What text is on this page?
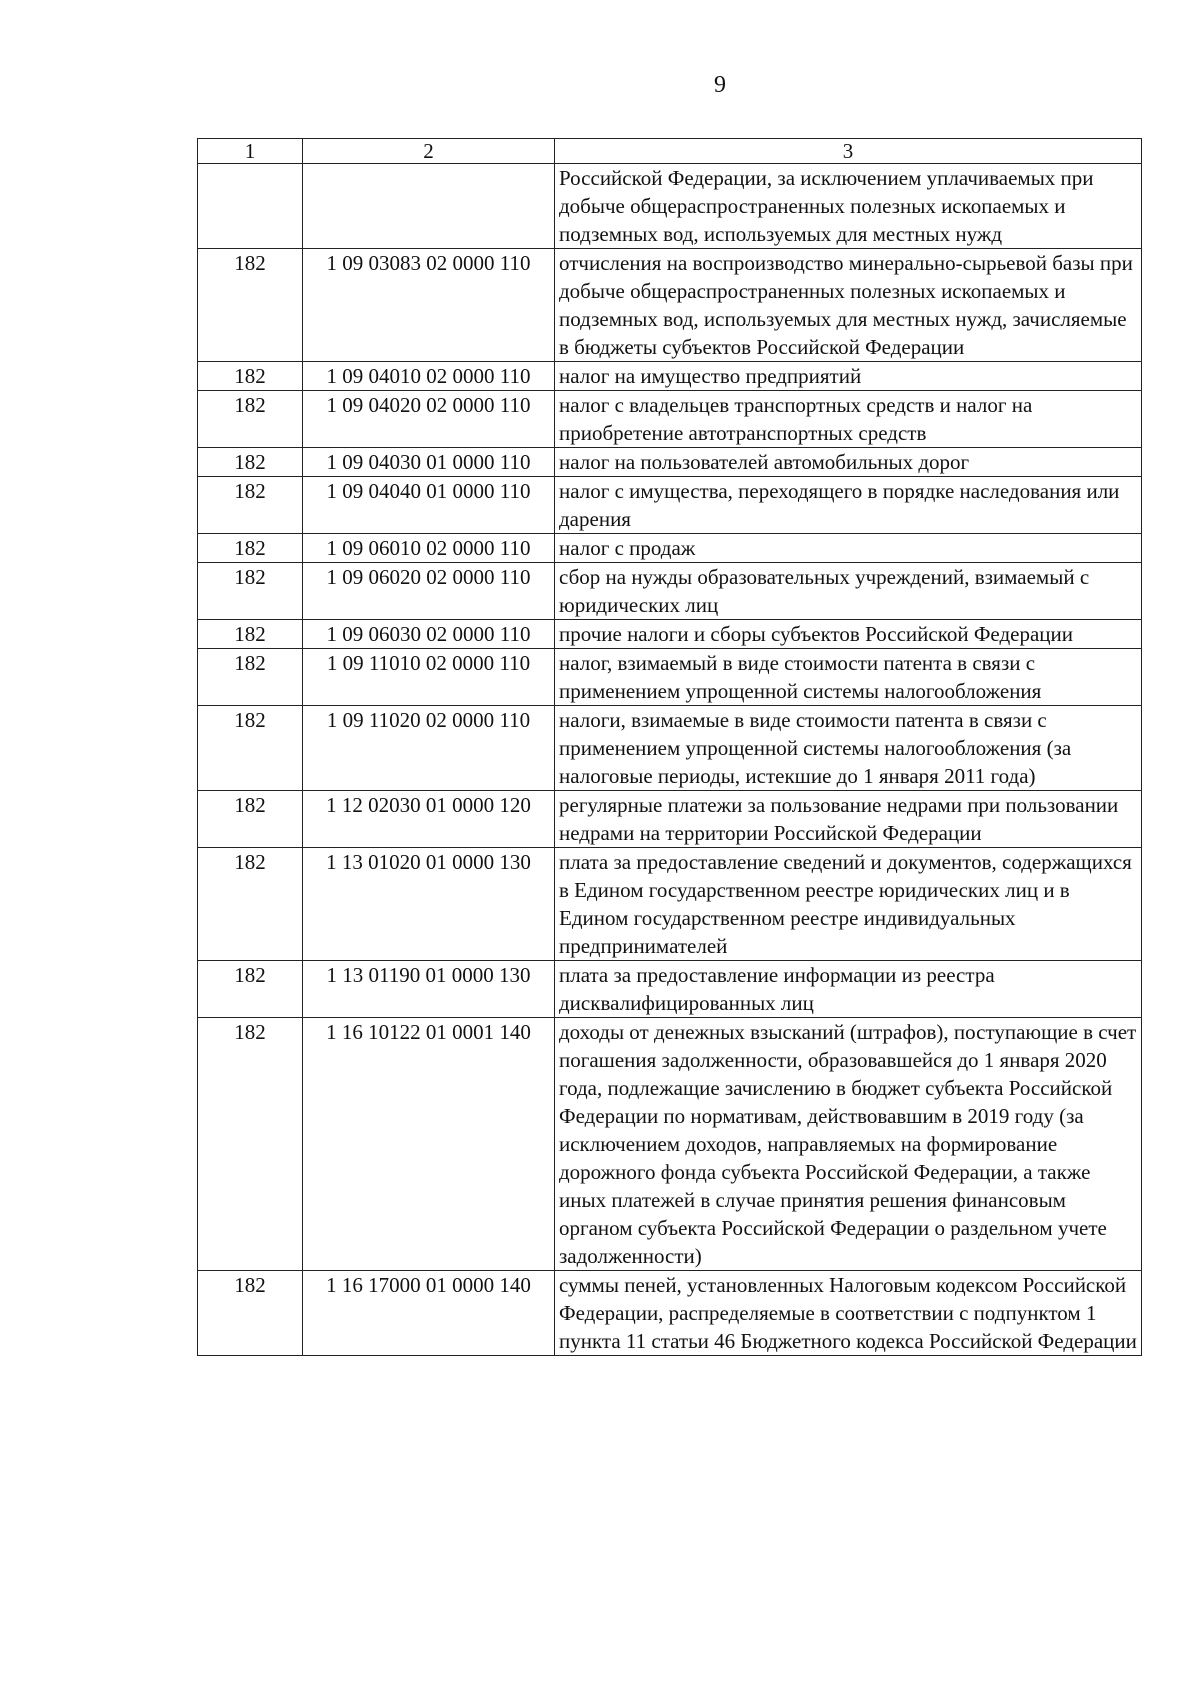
9
1	2	3
		Российской Федерации, за исключением уплачиваемых при добыче общераспространенных полезных ископаемых и подземных вод, используемых для местных нужд
182	1 09 03083 02 0000 110	отчисления на воспроизводство минерально-сырьевой базы при добыче общераспространенных полезных ископаемых и подземных вод, используемых для местных нужд, зачисляемые в бюджеты субъектов Российской Федерации
182	1 09 04010 02 0000 110	налог на имущество предприятий
182	1 09 04020 02 0000 110	налог с владельцев транспортных средств и налог на приобретение автотранспортных средств
182	1 09 04030 01 0000 110	налог на пользователей автомобильных дорог
182	1 09 04040 01 0000 110	налог с имущества, переходящего в порядке наследования или дарения
182	1 09 06010 02 0000 110	налог с продаж
182	1 09 06020 02 0000 110	сбор на нужды образовательных учреждений, взимаемый с юридических лиц
182	1 09 06030 02 0000 110	прочие налоги и сборы субъектов Российской Федерации
182	1 09 11010 02 0000 110	налог, взимаемый в виде стоимости патента в связи с применением упрощенной системы налогообложения
182	1 09 11020 02 0000 110	налоги, взимаемые в виде стоимости патента в связи с применением упрощенной системы налогообложения (за налоговые периоды, истекшие до 1 января 2011 года)
182	1 12 02030 01 0000 120	регулярные платежи за пользование недрами при пользовании недрами на территории Российской Федерации
182	1 13 01020 01 0000 130	плата за предоставление сведений и документов, содержащихся в Едином государственном реестре юридических лиц и в Едином государственном реестре индивидуальных предпринимателей
182	1 13 01190 01 0000 130	плата за предоставление информации из реестра дисквалифицированных лиц
182	1 16 10122 01 0001 140	доходы от денежных взысканий (штрафов), поступающие в счет погашения задолженности, образовавшейся до 1 января 2020 года, подлежащие зачислению в бюджет субъекта Российской Федерации по нормативам, действовавшим в 2019 году (за исключением доходов, направляемых на формирование дорожного фонда субъекта Российской Федерации, а также иных платежей в случае принятия решения финансовым органом субъекта Российской Федерации о раздельном учете задолженности)
182	1 16 17000 01 0000 140	суммы пеней, установленных Налоговым кодексом Российской Федерации, распределяемые в соответствии с подпунктом 1 пункта 11 статьи 46 Бюджетного кодекса Российской Федерации
